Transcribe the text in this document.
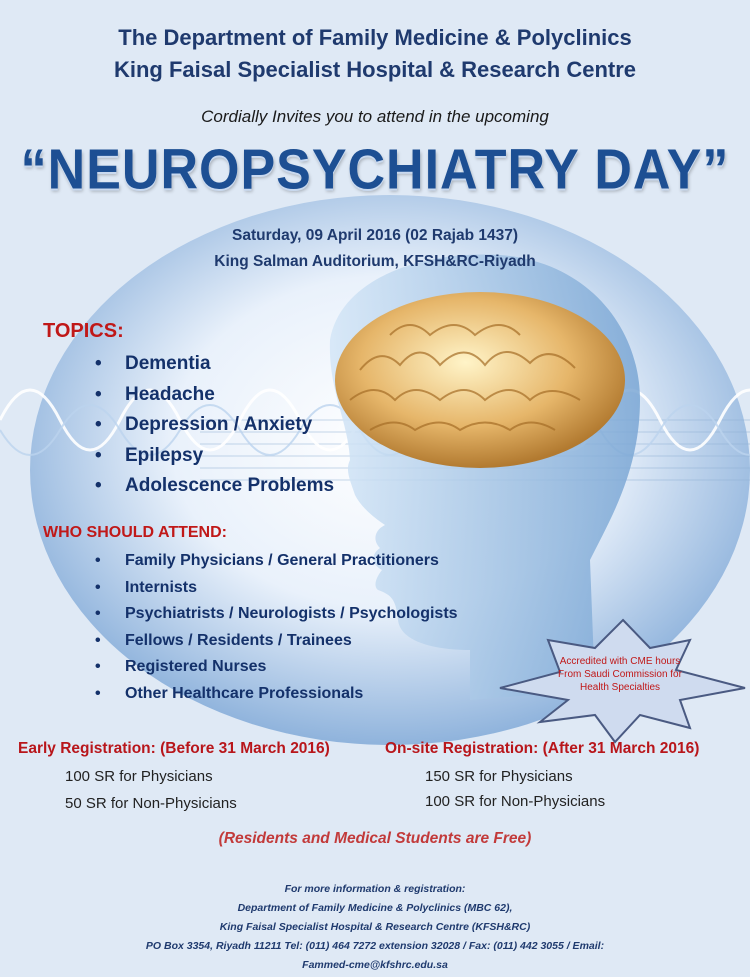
The Department of Family Medicine & Polyclinics
King Faisal Specialist Hospital & Research Centre
Cordially Invites you to attend in the upcoming
“NEUROPSYCHIATRY DAY”
Saturday, 09 April 2016 (02 Rajab 1437)
King Salman Auditorium, KFSH&RC-Riyadh
TOPICS:
• Dementia
• Headache
• Depression / Anxiety
• Epilepsy
• Adolescence Problems
WHO SHOULD ATTEND:
• Family Physicians / General Practitioners
• Internists
• Psychiatrists / Neurologists / Psychologists
• Fellows / Residents / Trainees
• Registered Nurses
• Other Healthcare Professionals
Accredited with CME hours
From Saudi Commission for
Health Specialties
Early Registration: (Before 31 March 2016)
100 SR for Physicians
50 SR for Non-Physicians
On-site Registration: (After 31 March 2016)
150 SR for Physicians
100 SR for Non-Physicians
(Residents and Medical Students are Free)
For more information & registration:
Department of Family Medicine & Polyclinics (MBC 62),
King Faisal Specialist Hospital & Research Centre (KFSH&RC)
PO Box 3354, Riyadh 11211 Tel: (011) 464 7272 extension 32028 / Fax: (011) 442 3055 / Email:
Fammed-cme@kfshrc.edu.sa
